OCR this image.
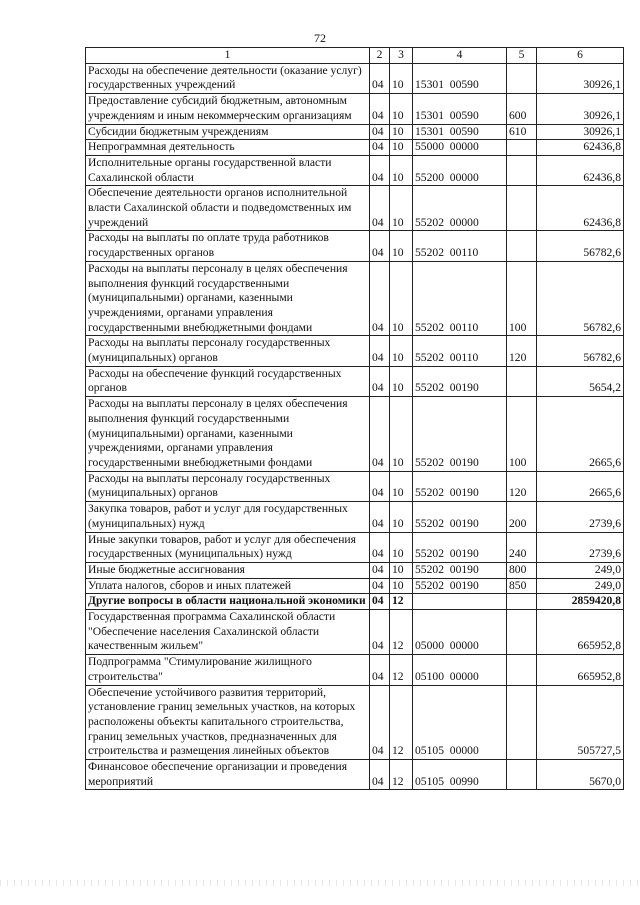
72
1	2	3	4	5	6
Расходы на обеспечение деятельности (оказание услуг) государственных учреждений	04	10	15301  00590		30926,1
Предоставление субсидий бюджетным, автономным учреждениям и иным некоммерческим организациям	04	10	15301  00590	600	30926,1
Субсидии бюджетным учреждениям	04	10	15301  00590	610	30926,1
Непрограммная деятельность	04	10	55000  00000		62436,8
Исполнительные органы государственной власти Сахалинской области	04	10	55200  00000		62436,8
Обеспечение деятельности органов исполнительной власти Сахалинской области и подведомственных им учреждений	04	10	55202  00000		62436,8
Расходы на выплаты по оплате труда работников государственных органов	04	10	55202  00110		56782,6
Расходы на выплаты персоналу в целях обеспечения выполнения функций государственными (муниципальными) органами, казенными учреждениями, органами управления государственными внебюджетными фондами	04	10	55202  00110	100	56782,6
Расходы на выплаты персоналу государственных (муниципальных) органов	04	10	55202  00110	120	56782,6
Расходы на обеспечение функций государственных органов	04	10	55202  00190		5654,2
Расходы на выплаты персоналу в целях обеспечения выполнения функций государственными (муниципальными) органами, казенными учреждениями, органами управления государственными внебюджетными фондами	04	10	55202  00190	100	2665,6
Расходы на выплаты персоналу государственных (муниципальных) органов	04	10	55202  00190	120	2665,6
Закупка товаров, работ и услуг для государственных (муниципальных) нужд	04	10	55202  00190	200	2739,6
Иные закупки товаров, работ и услуг для обеспечения государственных (муниципальных) нужд	04	10	55202  00190	240	2739,6
Иные бюджетные ассигнования	04	10	55202  00190	800	249,0
Уплата налогов, сборов и иных платежей	04	10	55202  00190	850	249,0
Другие вопросы в области национальной экономики	04	12			2859420,8
Государственная программа Сахалинской области "Обеспечение населения Сахалинской области качественным жильем"	04	12	05000  00000		665952,8
Подпрограмма "Стимулирование жилищного строительства"	04	12	05100  00000		665952,8
Обеспечение устойчивого развития территорий, установление границ земельных участков, на которых расположены объекты капитального строительства, границ земельных участков, предназначенных для строительства и размещения линейных объектов	04	12	05105  00000		505727,5
Финансовое обеспечение организации и проведения мероприятий	04	12	05105  00990		5670,0
